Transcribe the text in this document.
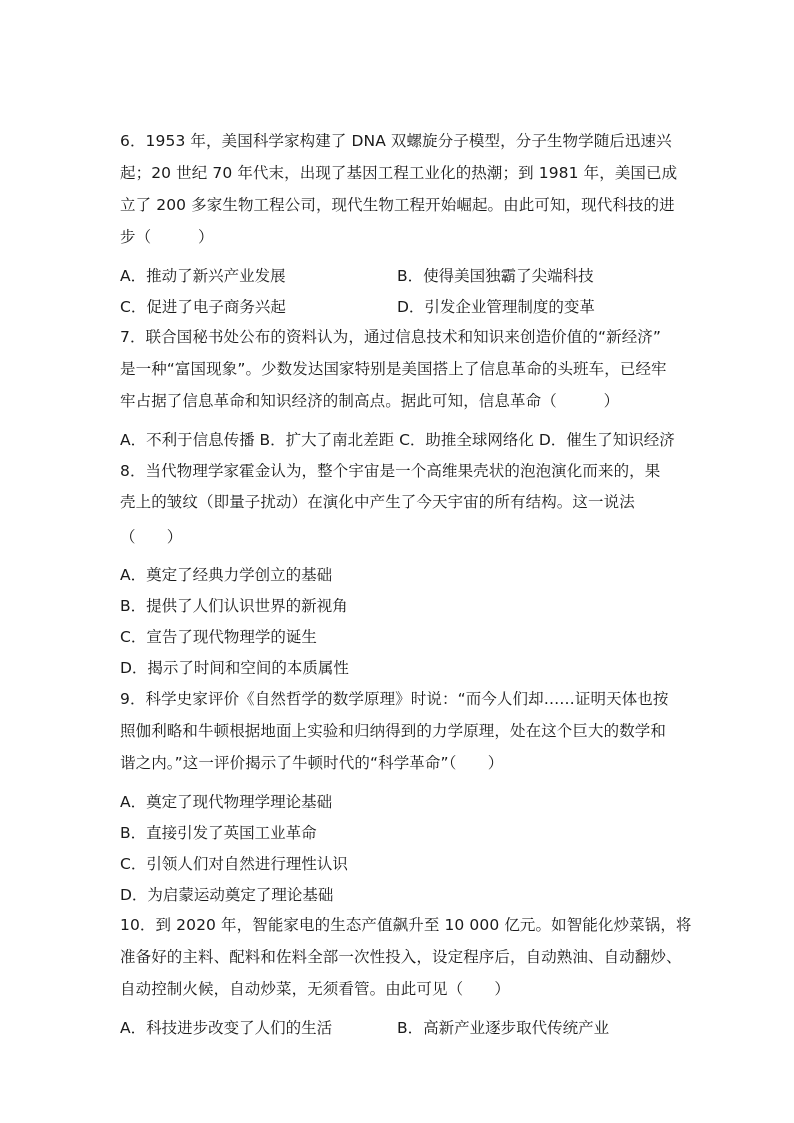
6．1953 年，美国科学家构建了 DNA 双螺旋分子模型，分子生物学随后迅速兴
起；20 世纪 70 年代末，出现了基因工程工业化的热潮；到 1981 年，美国已成
立了 200 多家生物工程公司，现代生物工程开始崛起。由此可知，现代科技的进
步（　　　）
A．推动了新兴产业发展	B．使得美国独霸了尖端科技
C．促进了电子商务兴起	D．引发企业管理制度的变革
7．联合国秘书处公布的资料认为，通过信息技术和知识来创造价值的“新经济”
是一种“富国现象”。少数发达国家特别是美国搭上了信息革命的头班车，已经牢
牢占据了信息革命和知识经济的制高点。据此可知，信息革命（　　　）
A．不利于信息传播 B．扩大了南北差距 C．助推全球网络化 D．催生了知识经济
8．当代物理学家霍金认为，整个宇宙是一个高维果壳状的泡泡演化而来的，果
壳上的皱纹（即量子扰动）在演化中产生了今天宇宙的所有结构。这一说法
（　　）
A．奠定了经典力学创立的基础
B．提供了人们认识世界的新视角
C．宣告了现代物理学的诞生
D．揭示了时间和空间的本质属性
9．科学史家评价《自然哲学的数学原理》时说：“而今人们却……证明天体也按
照伽利略和牛顿根据地面上实验和归纳得到的力学原理，处在这个巨大的数学和
谐之内。”这一评价揭示了牛顿时代的“科学革命”（　　）
A．奠定了现代物理学理论基础
B．直接引发了英国工业革命
C．引领人们对自然进行理性认识
D．为启蒙运动奠定了理论基础
10．到 2020 年，智能家电的生态产值飙升至 10 000 亿元。如智能化炒菜锅，将
准备好的主料、配料和佐料全部一次性投入，设定程序后，自动熟油、自动翻炒、
自动控制火候，自动炒菜，无须看管。由此可见（　　）
A．科技进步改变了人们的生活	B．高新产业逐步取代传统产业
